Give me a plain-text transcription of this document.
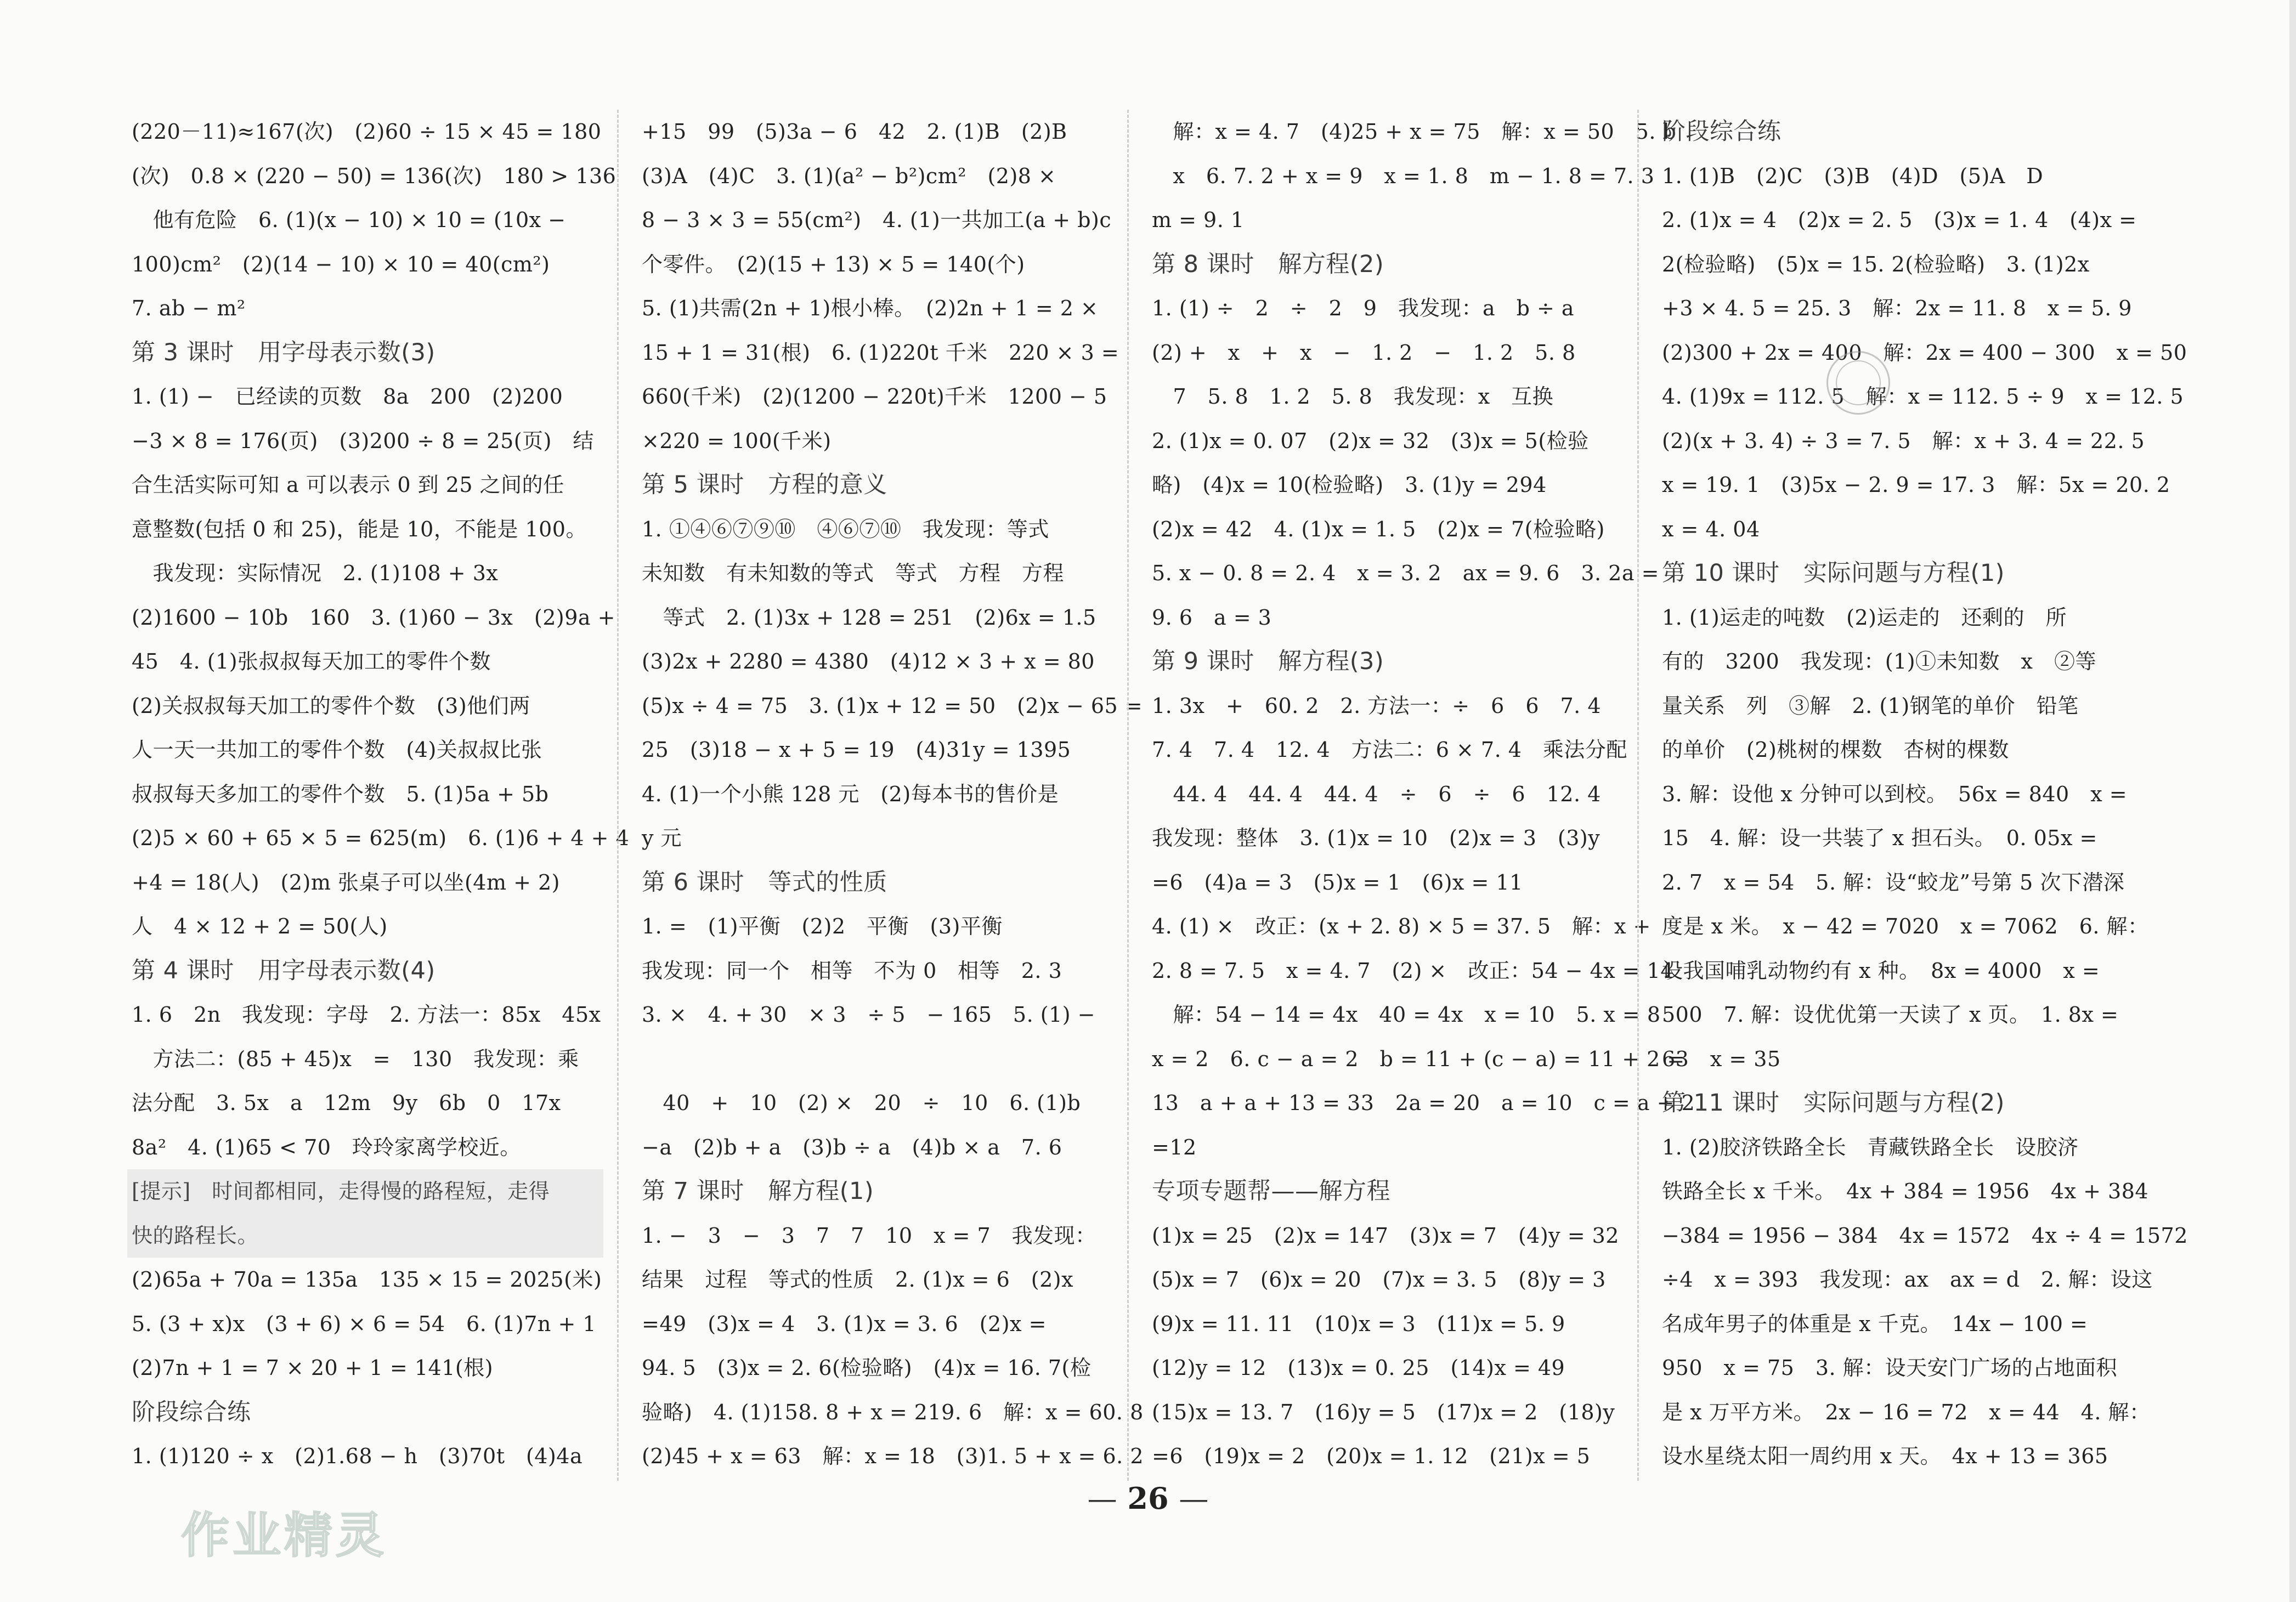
(220－11)≈167(次)　(2)60 ÷ 15 × 45 = 180

(次)　0.8 × (220 − 50) = 136(次)　180 > 136

　他有危险　6. (1)(x − 10) × 10 = (10x −

100)cm²　(2)(14 − 10) × 10 = 40(cm²)

7. ab − m²

第 3 课时　用字母表示数(3)

1. (1) −　已经读的页数　8a　200　(2)200

−3 × 8 = 176(页)　(3)200 ÷ 8 = 25(页)　结

合生活实际可知 a 可以表示 0 到 25 之间的任

意整数(包括 0 和 25)，能是 10，不能是 100。

　我发现：实际情况　2. (1)108 + 3x

(2)1600 − 10b　160　3. (1)60 − 3x　(2)9a +

45　4. (1)张叔叔每天加工的零件个数

(2)关叔叔每天加工的零件个数　(3)他们两

人一天一共加工的零件个数　(4)关叔叔比张

叔叔每天多加工的零件个数　5. (1)5a + 5b

(2)5 × 60 + 65 × 5 = 625(m)　6. (1)6 + 4 + 4

+4 = 18(人)　(2)m 张桌子可以坐(4m + 2)

人　4 × 12 + 2 = 50(人)

第 4 课时　用字母表示数(4)

1. 6　2n　我发现：字母　2. 方法一：85x　45x

　方法二：(85 + 45)x　=　130　我发现：乘

法分配　3. 5x　a　12m　9y　6b　0　17x

8a²　4. (1)65 < 70　玲玲家离学校近。

[提示]　时间都相同，走得慢的路程短，走得

快的路程长。

(2)65a + 70a = 135a　135 × 15 = 2025(米)

5. (3 + x)x　(3 + 6) × 6 = 54　6. (1)7n + 1

(2)7n + 1 = 7 × 20 + 1 = 141(根)

阶段综合练

1. (1)120 ÷ x　(2)1.68 − h　(3)70t　(4)4a

+15　99　(5)3a − 6　42　2. (1)B　(2)B

(3)A　(4)C　3. (1)(a² − b²)cm²　(2)8 ×

8 − 3 × 3 = 55(cm²)　4. (1)一共加工(a + b)c

个零件。　(2)(15 + 13) × 5 = 140(个)

5. (1)共需(2n + 1)根小棒。　(2)2n + 1 = 2 ×

15 + 1 = 31(根)　6. (1)220t 千米　220 × 3 =

660(千米)　(2)(1200 − 220t)千米　1200 − 5

×220 = 100(千米)

第 5 课时　方程的意义

1. ①④⑥⑦⑨⑩　④⑥⑦⑩　我发现：等式

未知数　有未知数的等式　等式　方程　方程

　等式　2. (1)3x + 128 = 251　(2)6x = 1.5

(3)2x + 2280 = 4380　(4)12 × 3 + x = 80

(5)x ÷ 4 = 75　3. (1)x + 12 = 50　(2)x − 65 =

25　(3)18 − x + 5 = 19　(4)31y = 1395

4. (1)一个小熊 128 元　(2)每本书的售价是

y 元

第 6 课时　等式的性质

1. =　(1)平衡　(2)2　平衡　(3)平衡

我发现：同一个　相等　不为 0　相等　2. 3

3. ⨯　4. + 30　× 3　÷ 5　− 165　5. (1) −

　40　+　10　(2) ×　20　÷　10　6. (1)b

−a　(2)b + a　(3)b ÷ a　(4)b × a　7. 6

第 7 课时　解方程(1)

1. −　3　−　3　7　7　10　x = 7　我发现：

结果　过程　等式的性质　2. (1)x = 6　(2)x

=49　(3)x = 4　3. (1)x = 3. 6　(2)x =

94. 5　(3)x = 2. 6(检验略)　(4)x = 16. 7(检

验略)　4. (1)158. 8 + x = 219. 6　解：x = 60. 8

(2)45 + x = 63　解：x = 18　(3)1. 5 + x = 6. 2

　解：x = 4. 7　(4)25 + x = 75　解：x = 50　5. b

　x　6. 7. 2 + x = 9　x = 1. 8　m − 1. 8 = 7. 3

m = 9. 1

第 8 课时　解方程(2)

1. (1) ÷　2　÷　2　9　我发现：a　b ÷ a

(2) +　x　+　x　−　1. 2　−　1. 2　5. 8

　7　5. 8　1. 2　5. 8　我发现：x　互换

2. (1)x = 0. 07　(2)x = 32　(3)x = 5(检验

略)　(4)x = 10(检验略)　3. (1)y = 294

(2)x = 42　4. (1)x = 1. 5　(2)x = 7(检验略)

5. x − 0. 8 = 2. 4　x = 3. 2　ax = 9. 6　3. 2a =

9. 6　a = 3

第 9 课时　解方程(3)

1. 3x　+　60. 2　2. 方法一：÷　6　6　7. 4

7. 4　7. 4　12. 4　方法二：6 × 7. 4　乘法分配

　44. 4　44. 4　44. 4　÷　6　÷　6　12. 4

我发现：整体　3. (1)x = 10　(2)x = 3　(3)y

=6　(4)a = 3　(5)x = 1　(6)x = 11

4. (1) ×　改正：(x + 2. 8) × 5 = 37. 5　解：x +

2. 8 = 7. 5　x = 4. 7　(2) ×　改正：54 − 4x = 14

　解：54 − 14 = 4x　40 = 4x　x = 10　5. x = 8

x = 2　6. c − a = 2　b = 11 + (c − a) = 11 + 2 =

13　a + a + 13 = 33　2a = 20　a = 10　c = a + 2

=12

专项专题帮——解方程

(1)x = 25　(2)x = 147　(3)x = 7　(4)y = 32

(5)x = 7　(6)x = 20　(7)x = 3. 5　(8)y = 3

(9)x = 11. 11　(10)x = 3　(11)x = 5. 9

(12)y = 12　(13)x = 0. 25　(14)x = 49

(15)x = 13. 7　(16)y = 5　(17)x = 2　(18)y

=6　(19)x = 2　(20)x = 1. 12　(21)x = 5

阶段综合练

1. (1)B　(2)C　(3)B　(4)D　(5)A　D

2. (1)x = 4　(2)x = 2. 5　(3)x = 1. 4　(4)x =

2(检验略)　(5)x = 15. 2(检验略)　3. (1)2x

+3 × 4. 5 = 25. 3　解：2x = 11. 8　x = 5. 9

(2)300 + 2x = 400　解：2x = 400 − 300　x = 50

4. (1)9x = 112. 5　解：x = 112. 5 ÷ 9　x = 12. 5

(2)(x + 3. 4) ÷ 3 = 7. 5　解：x + 3. 4 = 22. 5

x = 19. 1　(3)5x − 2. 9 = 17. 3　解：5x = 20. 2

x = 4. 04

第 10 课时　实际问题与方程(1)

1. (1)运走的吨数　(2)运走的　还剩的　所

有的　3200　我发现：(1)①未知数　x　②等

量关系　列　③解　2. (1)钢笔的单价　铅笔

的单价　(2)桃树的棵数　杏树的棵数

3. 解：设他 x 分钟可以到校。　56x = 840　x =

15　4. 解：设一共装了 x 担石头。　0. 05x =

2. 7　x = 54　5. 解：设“蛟龙”号第 5 次下潜深

度是 x 米。　x − 42 = 7020　x = 7062　6. 解：

设我国哺乳动物约有 x 种。　8x = 4000　x =

500　7. 解：设优优第一天读了 x 页。　1. 8x =

63　x = 35

第 11 课时　实际问题与方程(2)

1. (2)胶济铁路全长　青藏铁路全长　设胶济

铁路全长 x 千米。　4x + 384 = 1956　4x + 384

−384 = 1956 − 384　4x = 1572　4x ÷ 4 = 1572

÷4　x = 393　我发现：ax　ax = d　2. 解：设这

名成年男子的体重是 x 千克。　14x − 100 =

950　x = 75　3. 解：设天安门广场的占地面积

是 x 万平方米。　2x − 16 = 72　x = 44　4. 解：

设水星绕太阳一周约用 x 天。　4x + 13 = 365

— 26 —
作业精灵
